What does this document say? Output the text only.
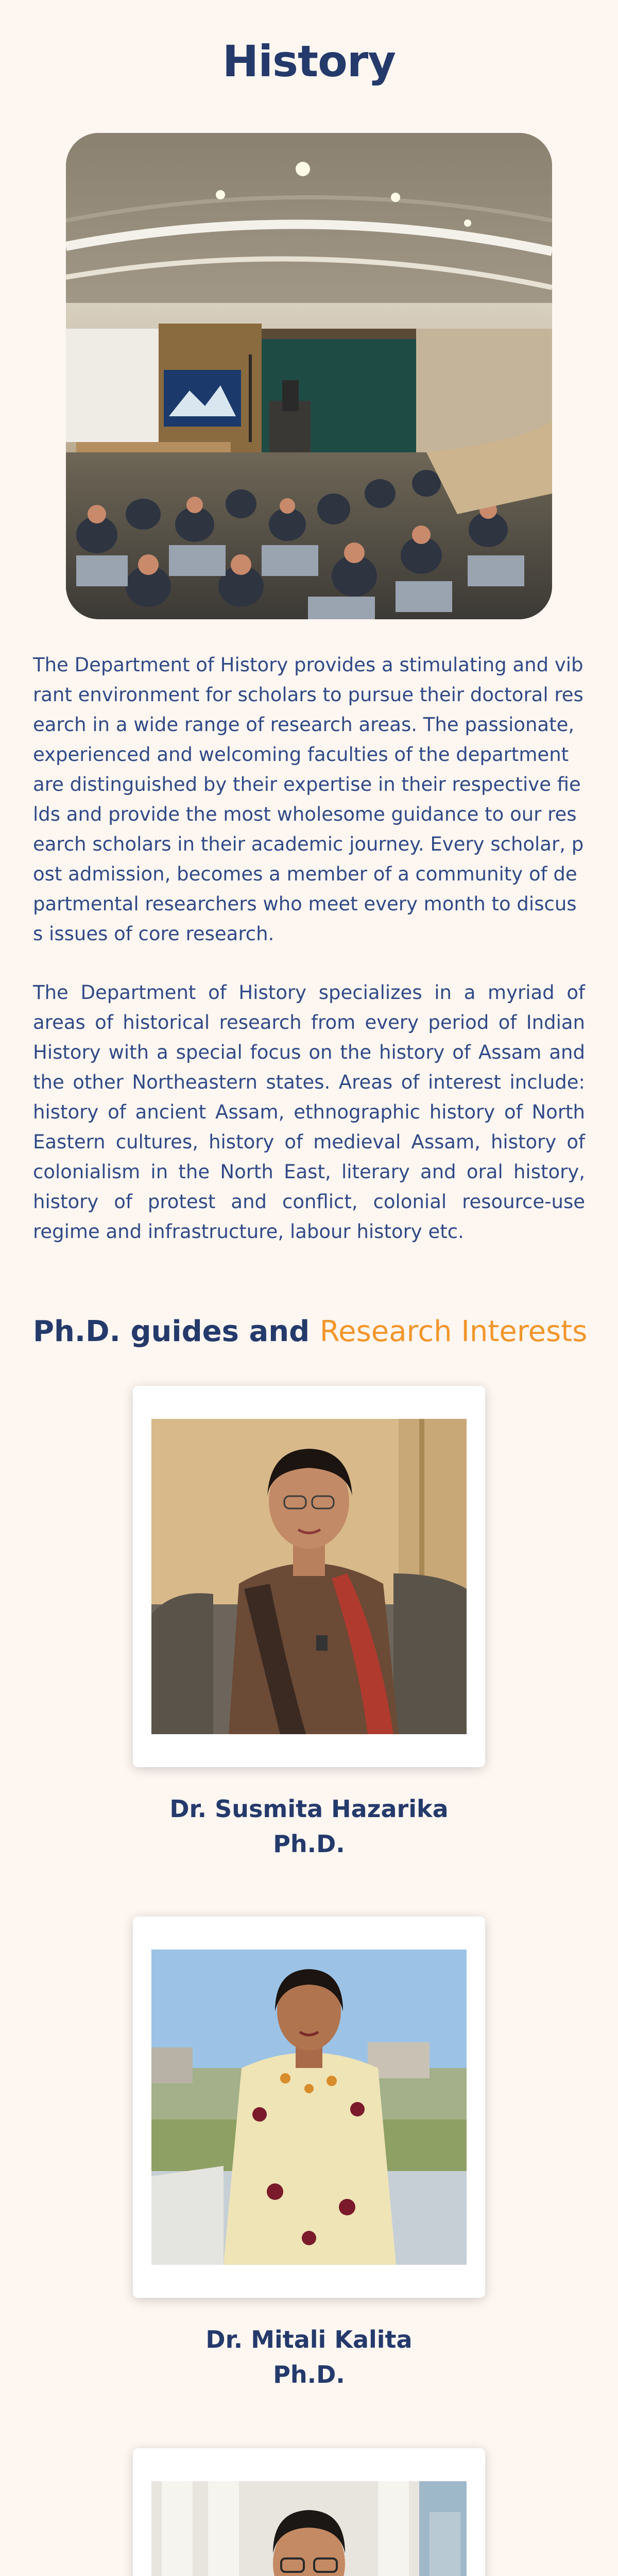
History

The Department of History provides a stimulating and vibrant environment for scholars to pursue their doctoral research in a wide range of research areas. The passionate, experienced and welcoming faculties of the department are distinguished by their expertise in their respective fields and provide the most wholesome guidance to our research scholars in their academic journey. Every scholar, post admission, becomes a member of a community of departmental researchers who meet every month to discuss issues of core research.

The Department of History specializes in a myriad of areas of historical research from every period of Indian History with a special focus on the history of Assam and the other Northeastern states. Areas of interest include: history of ancient Assam, ethnographic history of North Eastern cultures, history of medieval Assam, history of colonialism in the North East, literary and oral history, history of protest and conflict, colonial resource-use regime and infrastructure, labour history etc.

Ph.D. guides and Research Interests

Dr. Susmita Hazarika

Ph.D.

Dr. Mitali Kalita

Ph.D.
